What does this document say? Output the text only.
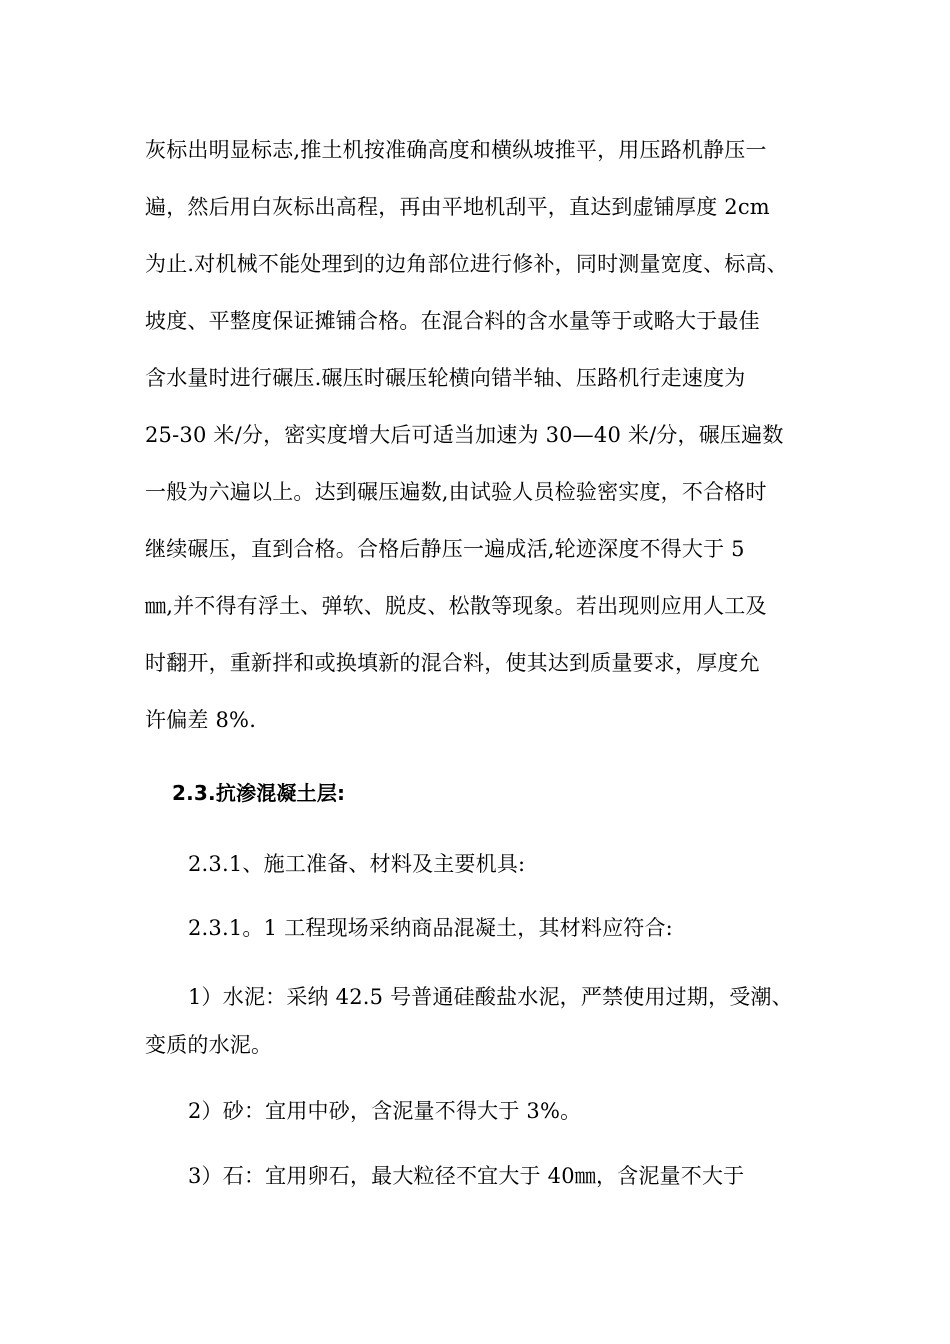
灰标出明显标志,推土机按准确高度和横纵坡推平，用压路机静压一
遍，然后用白灰标出高程，再由平地机刮平，直达到虚铺厚度 2cm
为止.对机械不能处理到的边角部位进行修补，同时测量宽度、标高、
坡度、平整度保证摊铺合格。在混合料的含水量等于或略大于最佳
含水量时进行碾压.碾压时碾压轮横向错半轴、压路机行走速度为
25-30 米/分，密实度增大后可适当加速为 30—40 米/分，碾压遍数
一般为六遍以上。达到碾压遍数,由试验人员检验密实度，不合格时
继续碾压，直到合格。合格后静压一遍成活,轮迹深度不得大于 5
㎜,并不得有浮土、弹软、脱皮、松散等现象。若出现则应用人工及
时翻开，重新拌和或换填新的混合料，使其达到质量要求，厚度允
许偏差 8%.
2.3.抗渗混凝土层:
2.3.1、施工准备、材料及主要机具:
2.3.1。1 工程现场采纳商品混凝土，其材料应符合:
1）水泥：采纳 42.5 号普通硅酸盐水泥，严禁使用过期，受潮、
变质的水泥。
2）砂：宜用中砂，含泥量不得大于 3%。
3）石：宜用卵石，最大粒径不宜大于 40㎜，含泥量不大于
